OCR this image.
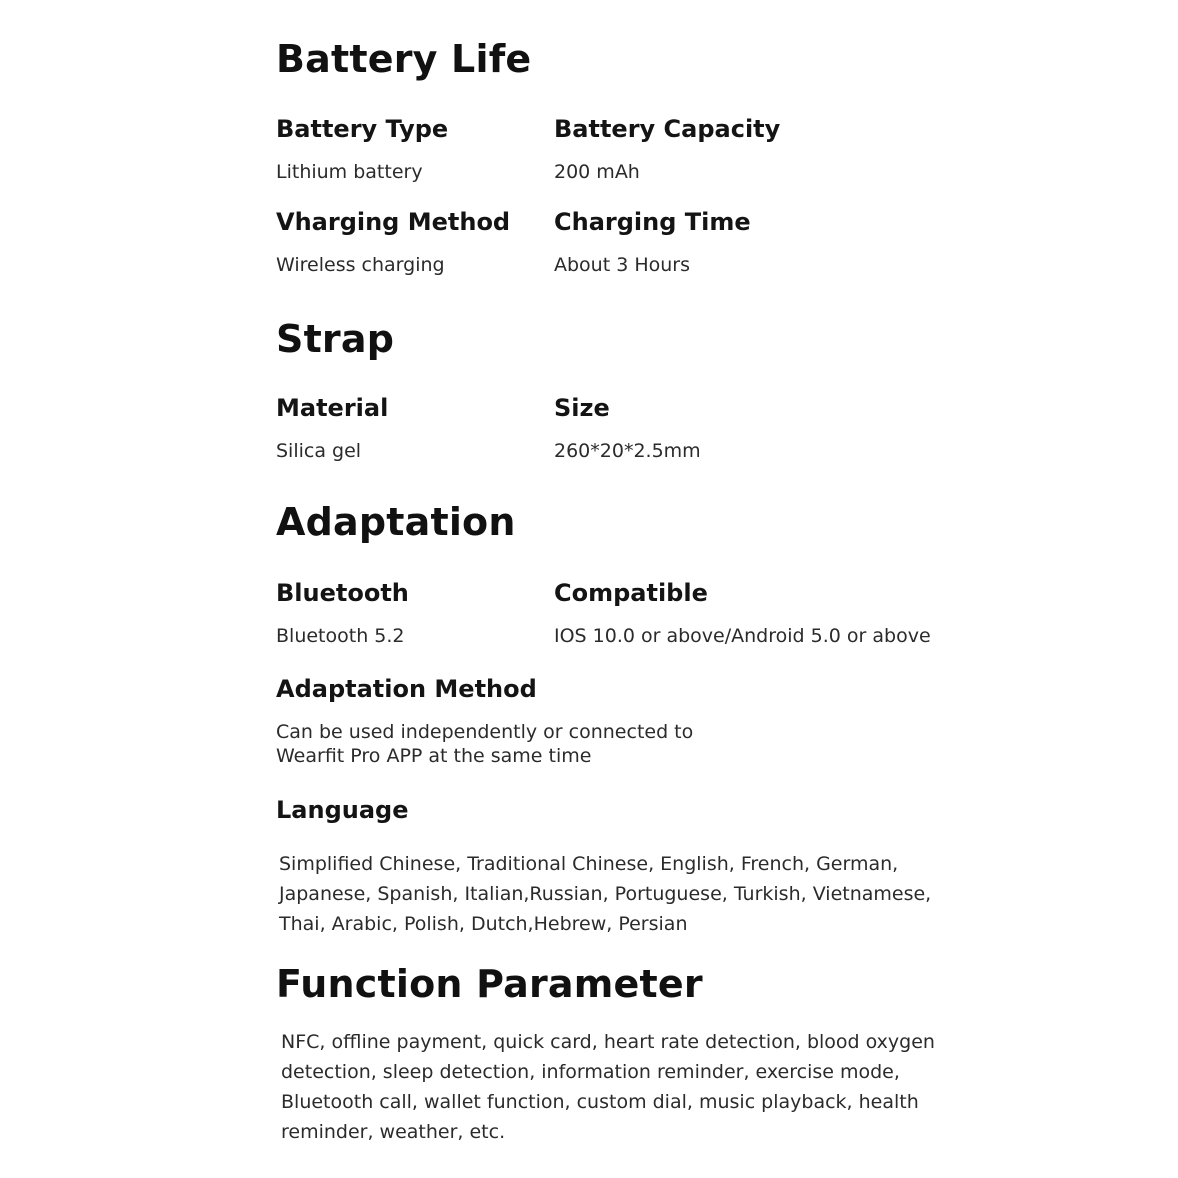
Battery Life
Battery Type
Lithium battery
Battery Capacity
200 mAh
Vharging Method
Wireless charging
Charging Time
About 3 Hours
Strap
Material
Silica gel
Size
260*20*2.5mm
Adaptation
Bluetooth
Bluetooth 5.2
Compatible
IOS 10.0 or above/Android 5.0 or above
Adaptation Method
Can be used independently or connected to
Wearfit Pro APP at the same time
Language
Simplified Chinese, Traditional Chinese, English, French, German,
Japanese, Spanish, Italian,Russian, Portuguese, Turkish, Vietnamese,
Thai, Arabic, Polish, Dutch,Hebrew, Persian
Function Parameter
NFC, offline payment, quick card, heart rate detection, blood oxygen
detection, sleep detection, information reminder, exercise mode,
Bluetooth call, wallet function, custom dial, music playback, health
reminder, weather, etc.
